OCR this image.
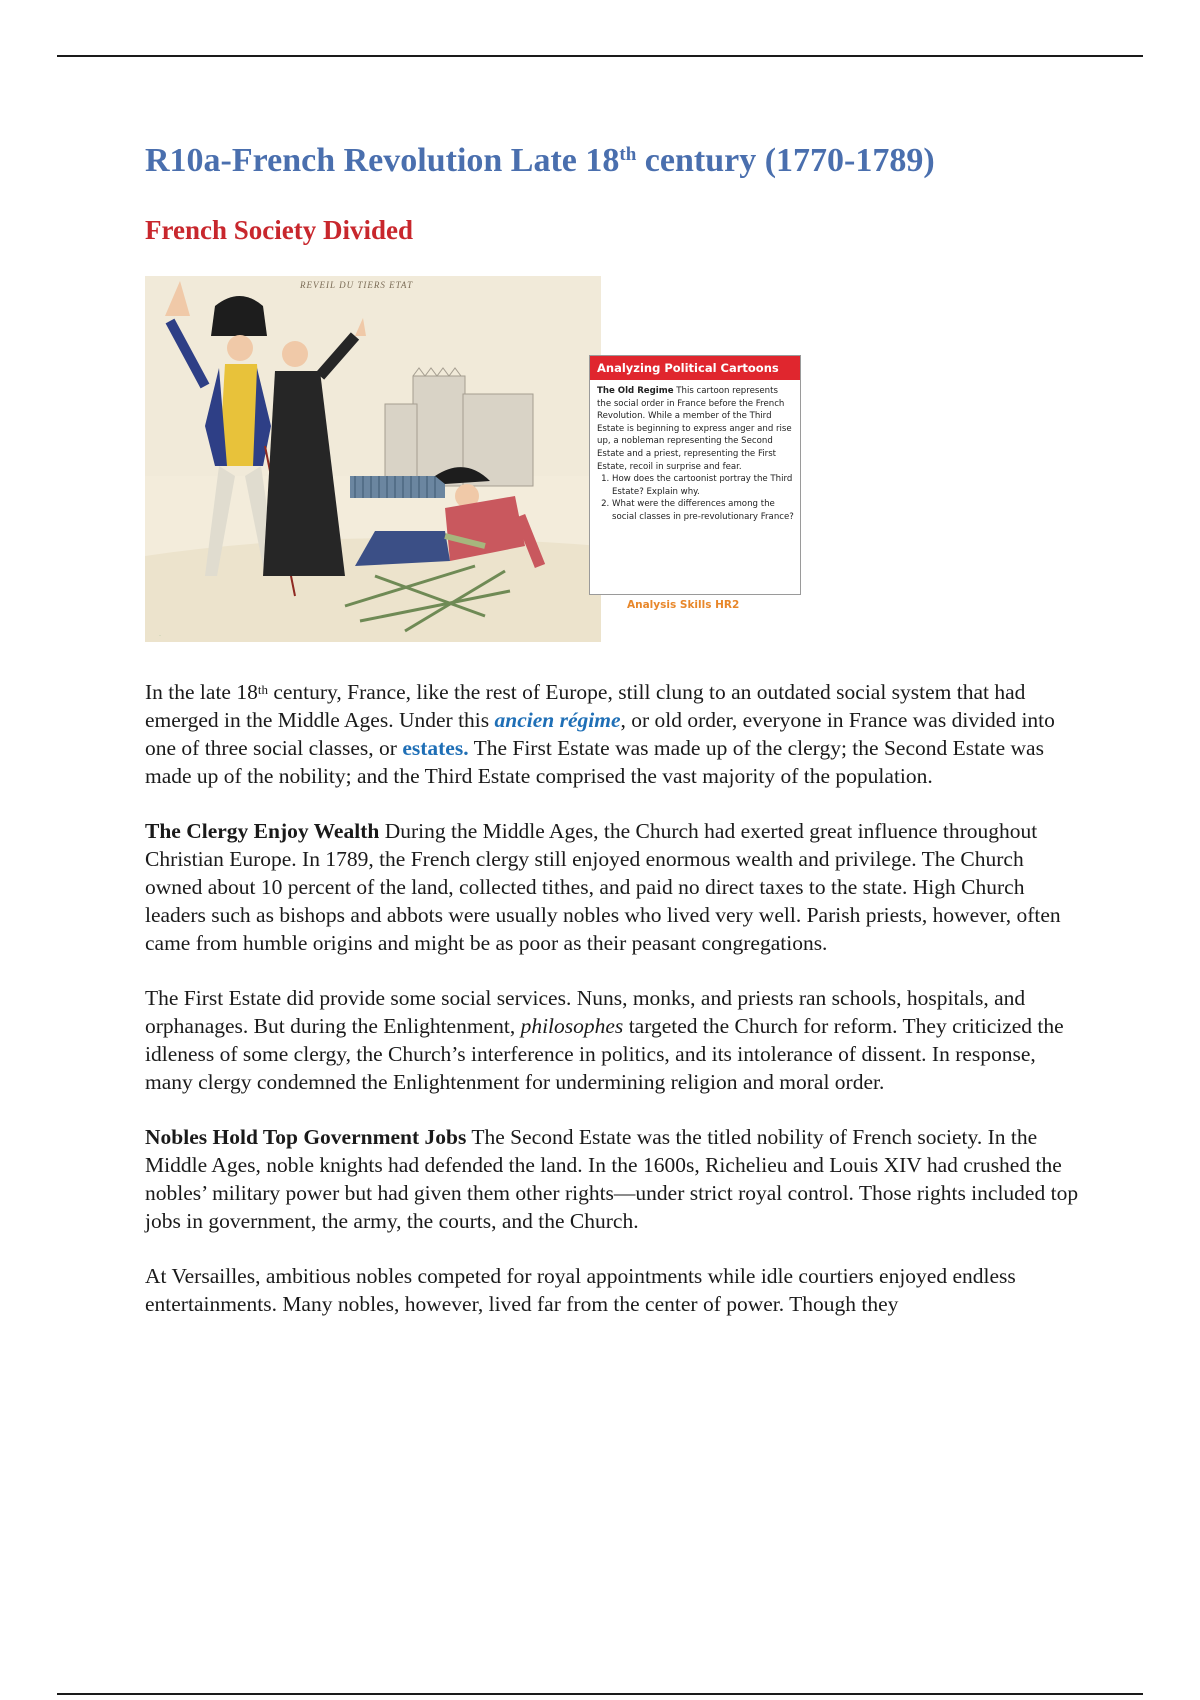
R10a-French Revolution Late 18th century (1770-1789)
French Society Divided
.
REVEIL DU TIERS ETAT
Analyzing Political Cartoons
The Old Regime This cartoon represents the social order in France before the French Revolution. While a member of the Third Estate is beginning to express anger and rise up, a nobleman representing the Second Estate and a priest, representing the First Estate, recoil in surprise and fear.
1. How does the cartoonist portray the Third Estate? Explain why.
2. What were the differences among the social classes in pre-revolutionary France?
Analysis Skills HR2

In the late 18th century, France, like the rest of Europe, still clung to an outdated social system that had emerged in the Middle Ages. Under this ancien régime, or old order, everyone in France was divided into one of three social classes, or estates. The First Estate was made up of the clergy; the Second Estate was made up of the nobility; and the Third Estate comprised the vast majority of the population.

The Clergy Enjoy Wealth During the Middle Ages, the Church had exerted great influence throughout Christian Europe. In 1789, the French clergy still enjoyed enormous wealth and privilege. The Church owned about 10 percent of the land, collected tithes, and paid no direct taxes to the state. High Church leaders such as bishops and abbots were usually nobles who lived very well. Parish priests, however, often came from humble origins and might be as poor as their peasant congregations.

The First Estate did provide some social services. Nuns, monks, and priests ran schools, hospitals, and orphanages. But during the Enlightenment, philosophes targeted the Church for reform. They criticized the idleness of some clergy, the Church’s interference in politics, and its intolerance of dissent. In response, many clergy condemned the Enlightenment for undermining religion and moral order.

Nobles Hold Top Government Jobs The Second Estate was the titled nobility of French society. In the Middle Ages, noble knights had defended the land. In the 1600s, Richelieu and Louis XIV had crushed the nobles’ military power but had given them other rights—under strict royal control. Those rights included top jobs in government, the army, the courts, and the Church.

At Versailles, ambitious nobles competed for royal appointments while idle courtiers enjoyed endless entertainments. Many nobles, however, lived far from the center of power. Though they
